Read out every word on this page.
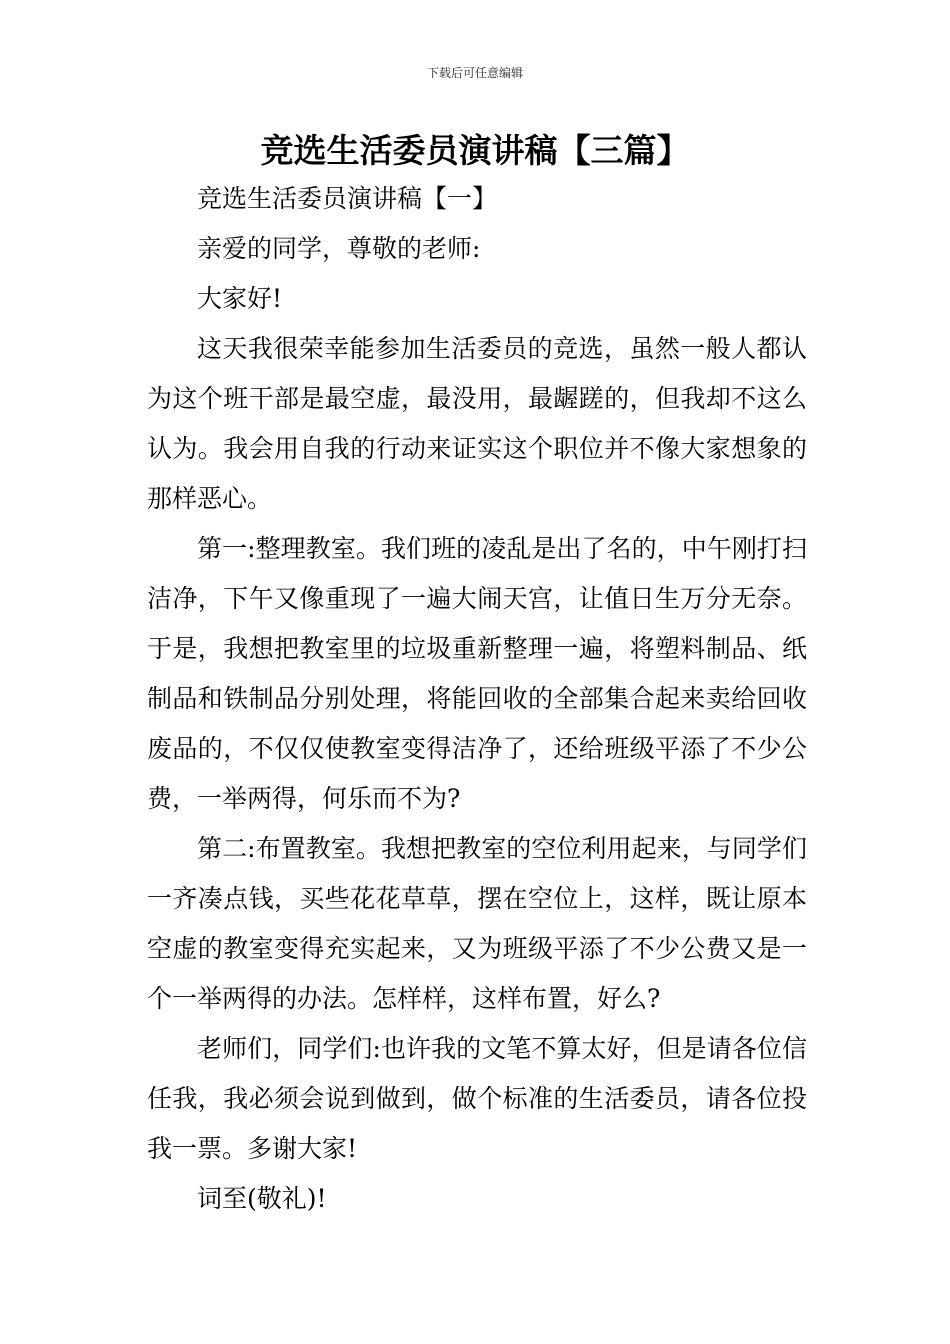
下载后可任意编辑
竞选生活委员演讲稿【三篇】

竞选生活委员演讲稿【一】

亲爱的同学，尊敬的老师:

大家好!

这天我很荣幸能参加生活委员的竞选，虽然一般人都认为这个班干部是最空虚，最没用，最龌蹉的，但我却不这么认为。我会用自我的行动来证实这个职位并不像大家想象的那样恶心。

第一:整理教室。我们班的凌乱是出了名的，中午刚打扫洁净，下午又像重现了一遍大闹天宫，让值日生万分无奈。于是，我想把教室里的垃圾重新整理一遍，将塑料制品、纸制品和铁制品分别处理，将能回收的全部集合起来卖给回收废品的，不仅仅使教室变得洁净了，还给班级平添了不少公费，一举两得，何乐而不为?

第二:布置教室。我想把教室的空位利用起来，与同学们一齐凑点钱，买些花花草草，摆在空位上，这样，既让原本空虚的教室变得充实起来，又为班级平添了不少公费又是一个一举两得的办法。怎样样，这样布置，好么?

老师们，同学们:也许我的文笔不算太好，但是请各位信任我，我必须会说到做到，做个标准的生活委员，请各位投我一票。多谢大家!

词至(敬礼)!
